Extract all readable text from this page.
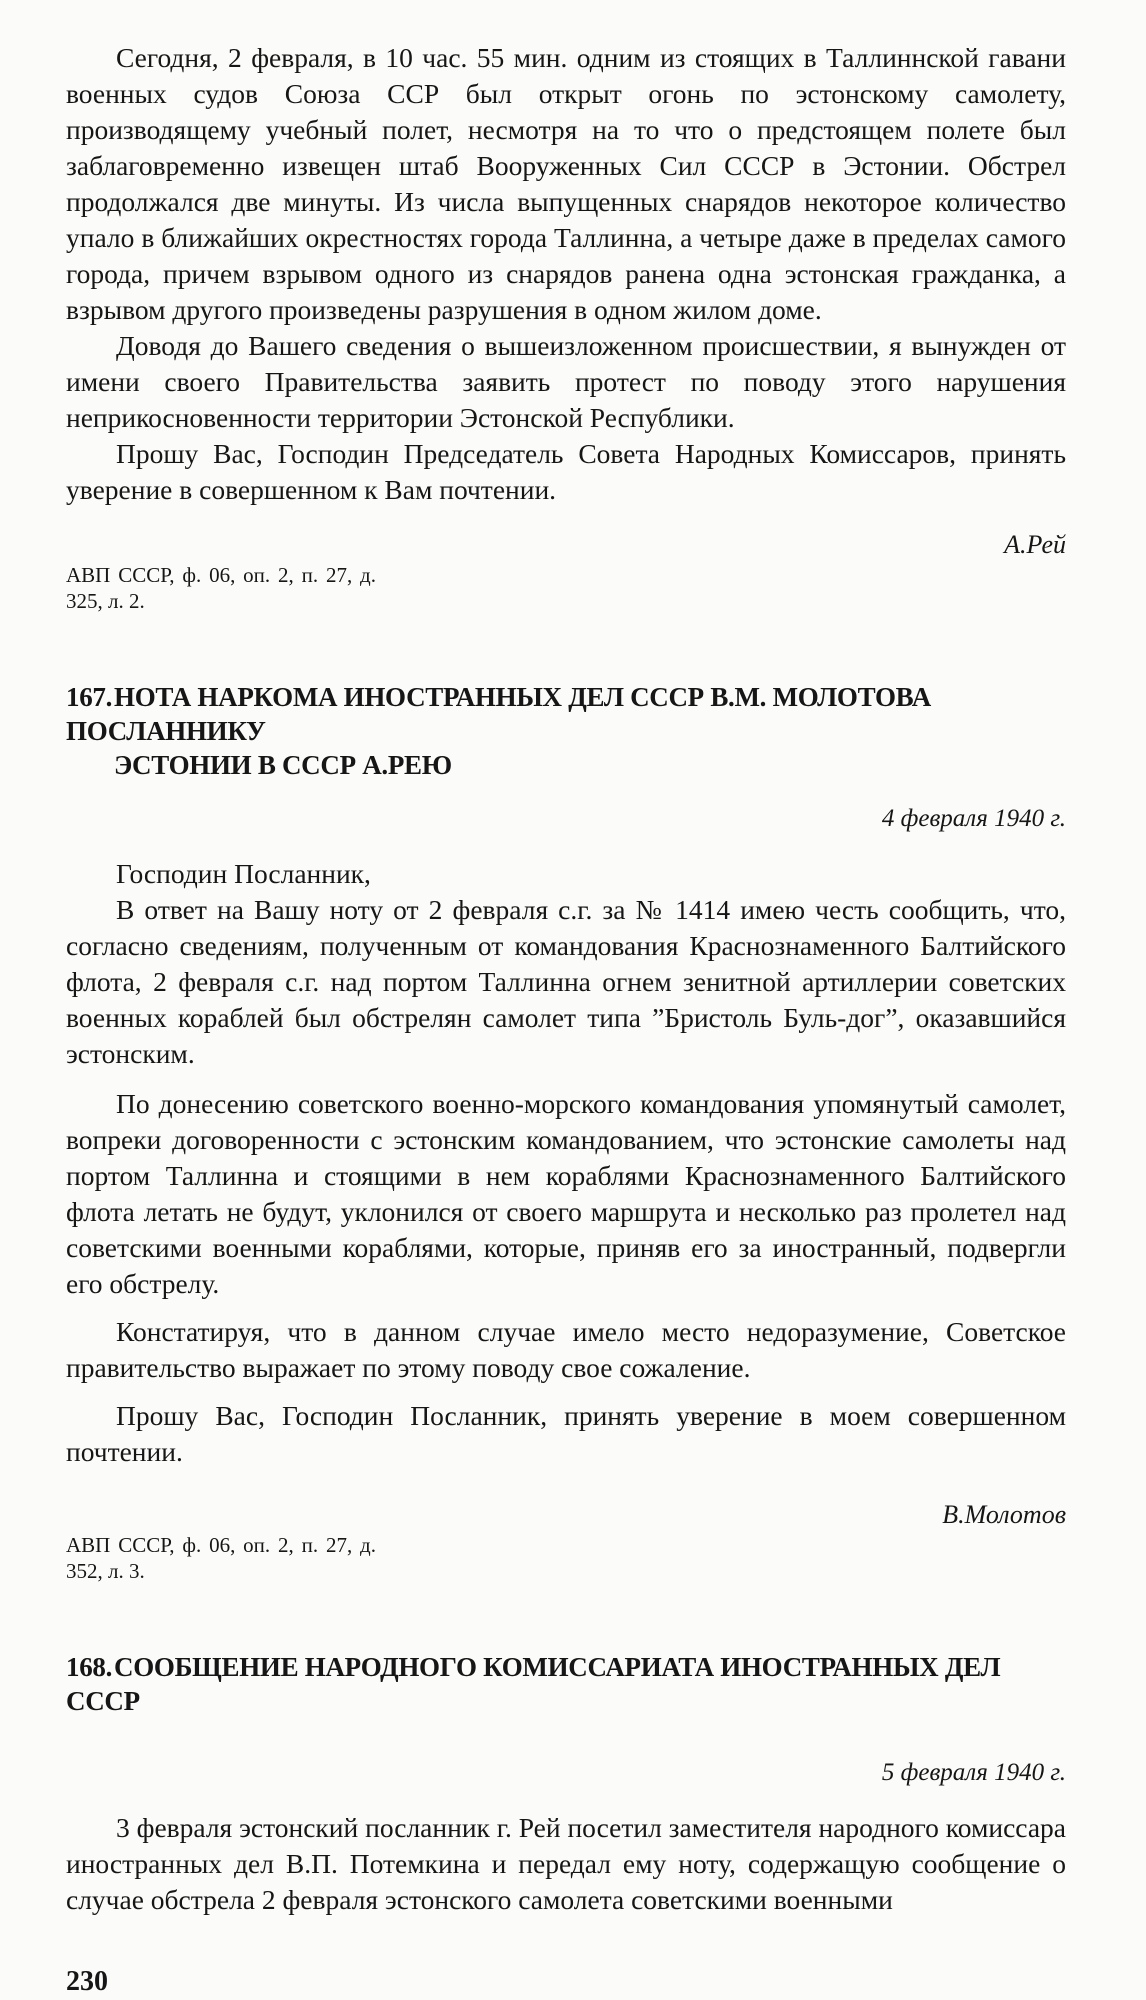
Сегодня, 2 февраля, в 10 час. 55 мин. одним из стоящих в Таллиннской гавани военных судов Союза ССР был открыт огонь по эстонскому самолету, производящему учебный полет, несмотря на то что о предстоящем полете был заблаговременно извещен штаб Вооруженных Сил СССР в Эстонии. Обстрел продолжался две минуты. Из числа выпущенных снарядов некоторое количество упало в ближайших окрестностях города Таллинна, а четыре даже в пределах самого города, причем взрывом одного из снарядов ранена одна эстонская гражданка, а взрывом другого произведены разрушения в одном жилом доме.

Доводя до Вашего сведения о вышеизложенном происшествии, я вынужден от имени своего Правительства заявить протест по поводу этого нарушения неприкосновенности территории Эстонской Республики.

Прошу Вас, Господин Председатель Совета Народных Комиссаров, принять уверение в совершенном к Вам почтении.

А.Рей

АВП СССР, ф. 06, оп. 2, п. 27, д. 325, л. 2.

167.НОТА НАРКОМА ИНОСТРАННЫХ ДЕЛ СССР В.М. МОЛОТОВА ПОСЛАННИКУ
ЭСТОНИИ В СССР А.РЕЮ

4 февраля 1940 г.

Господин Посланник,

В ответ на Вашу ноту от 2 февраля с.г. за № 1414 имею честь сообщить, что, согласно сведениям, полученным от командования Краснознаменного Балтийского флота, 2 февраля с.г. над портом Таллинна огнем зенитной артиллерии советских военных кораблей был обстрелян самолет типа ”Бристоль Буль-дог”, оказавшийся эстонским.

По донесению советского военно-морского командования упомянутый самолет, вопреки договоренности с эстонским командованием, что эстонские самолеты над портом Таллинна и стоящими в нем кораблями Краснознаменного Балтийского флота летать не будут, уклонился от своего маршрута и несколько раз пролетел над советскими военными кораблями, которые, приняв его за иностранный, подвергли его обстрелу.

Констатируя, что в данном случае имело место недоразумение, Советское правительство выражает по этому поводу свое сожаление.

Прошу Вас, Господин Посланник, принять уверение в моем совершенном почтении.

В.Молотов

АВП СССР, ф. 06, оп. 2, п. 27, д. 352, л. 3.

168.СООБЩЕНИЕ НАРОДНОГО КОМИССАРИАТА ИНОСТРАННЫХ ДЕЛ СССР

5 февраля 1940 г.

3 февраля эстонский посланник г. Рей посетил заместителя народного комиссара иностранных дел В.П. Потемкина и передал ему ноту, содержащую сообщение о случае обстрела 2 февраля эстонского самолета советскими военными

230
